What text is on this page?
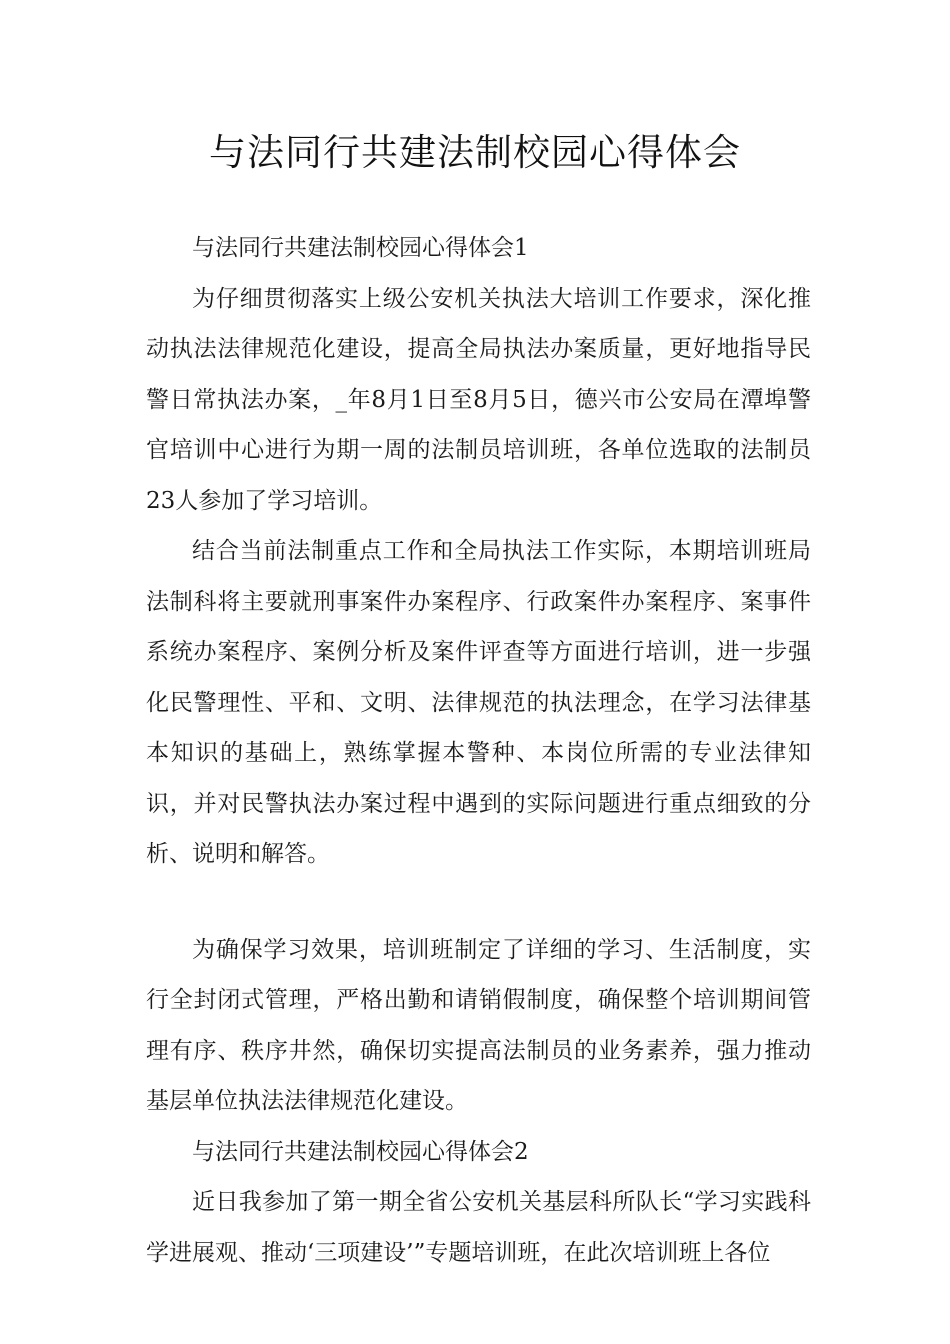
与法同行共建法制校园心得体会

与法同行共建法制校园心得体会1

为仔细贯彻落实上级公安机关执法大培训工作要求，深化推动执法法律规范化建设，提高全局执法办案质量，更好地指导民警日常执法办案，_年8月1日至8月5日，德兴市公安局在潭埠警官培训中心进行为期一周的法制员培训班，各单位选取的法制员23人参加了学习培训。

结合当前法制重点工作和全局执法工作实际，本期培训班局法制科将主要就刑事案件办案程序、行政案件办案程序、案事件系统办案程序、案例分析及案件评查等方面进行培训，进一步强化民警理性、平和、文明、法律规范的执法理念，在学习法律基本知识的基础上，熟练掌握本警种、本岗位所需的专业法律知识，并对民警执法办案过程中遇到的实际问题进行重点细致的分析、说明和解答。

为确保学习效果，培训班制定了详细的学习、生活制度，实行全封闭式管理，严格出勤和请销假制度，确保整个培训期间管理有序、秩序井然，确保切实提高法制员的业务素养，强力推动基层单位执法法律规范化建设。

与法同行共建法制校园心得体会2

近日我参加了第一期全省公安机关基层科所队长“学习实践科学进展观、推动‘三项建设’”专题培训班，在此次培训班上各位
